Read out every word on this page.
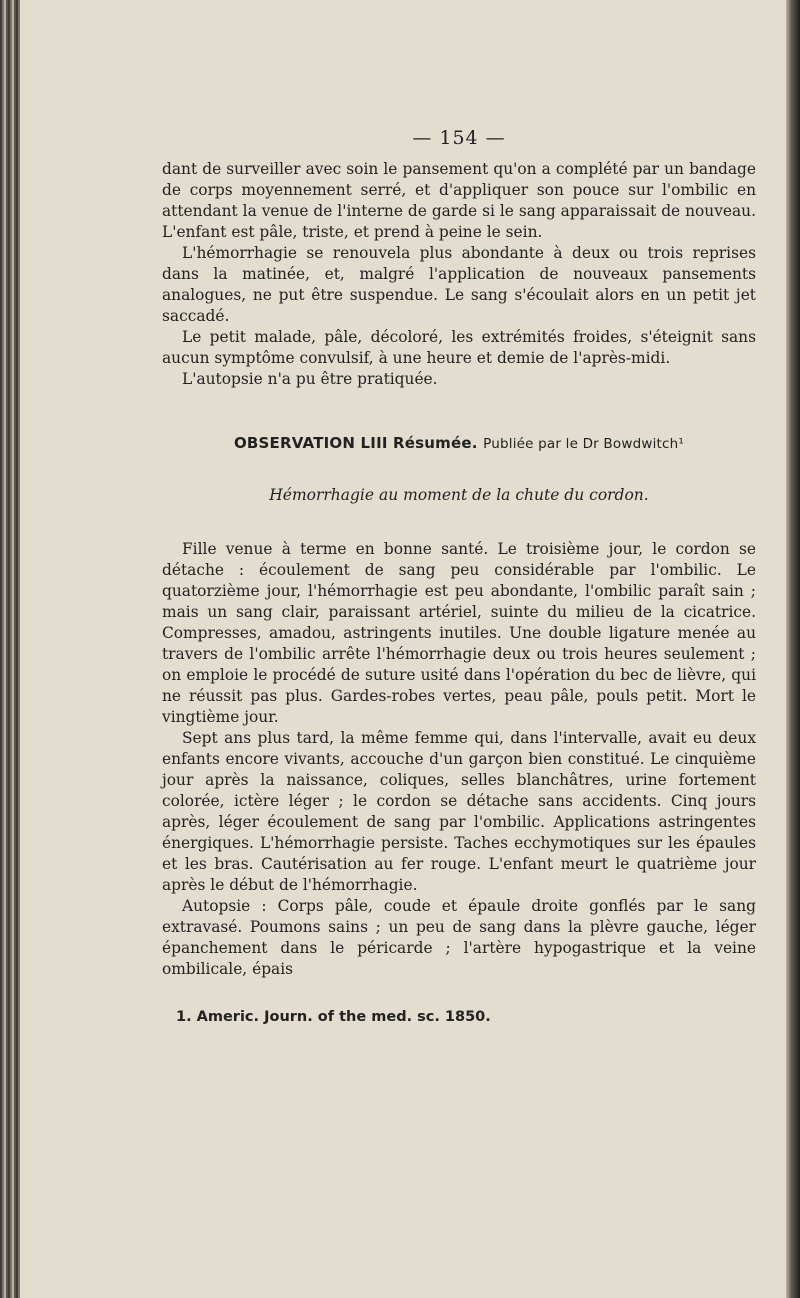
— 154 —

dant de surveiller avec soin le pansement qu'on a complété par un bandage de corps moyennement serré, et d'appliquer son pouce sur l'ombilic en attendant la venue de l'interne de garde si le sang apparaissait de nouveau. L'enfant est pâle, triste, et prend à peine le sein.

L'hémorrhagie se renouvela plus abondante à deux ou trois reprises dans la matinée, et, malgré l'application de nouveaux pansements analogues, ne put être suspendue. Le sang s'écoulait alors en un petit jet saccadé.

Le petit malade, pâle, décoloré, les extrémités froides, s'éteignit sans aucun symptôme convulsif, à une heure et demie de l'après-midi.

L'autopsie n'a pu être pratiquée.

OBSERVATION LIII Résumée. Publiée par le Dr Bowdwitch¹
Hémorrhagie au moment de la chute du cordon.

Fille venue à terme en bonne santé. Le troisième jour, le cordon se détache : écoulement de sang peu considérable par l'ombilic. Le quatorzième jour, l'hémorrhagie est peu abondante, l'ombilic paraît sain ; mais un sang clair, paraissant artériel, suinte du milieu de la cicatrice. Compresses, amadou, astringents inutiles. Une double ligature menée au travers de l'ombilic arrête l'hémorrhagie deux ou trois heures seulement ; on emploie le procédé de suture usité dans l'opération du bec de lièvre, qui ne réussit pas plus. Gardes-robes vertes, peau pâle, pouls petit. Mort le vingtième jour.

Sept ans plus tard, la même femme qui, dans l'intervalle, avait eu deux enfants encore vivants, accouche d'un garçon bien constitué. Le cinquième jour après la naissance, coliques, selles blanchâtres, urine fortement colorée, ictère léger ; le cordon se détache sans accidents. Cinq jours après, léger écoulement de sang par l'ombilic. Applications astringentes énergiques. L'hémorrhagie persiste. Taches ecchymotiques sur les épaules et les bras. Cautérisation au fer rouge. L'enfant meurt le quatrième jour après le début de l'hémorrhagie.

Autopsie : Corps pâle, coude et épaule droite gonflés par le sang extravasé. Poumons sains ; un peu de sang dans la plèvre gauche, léger épanchement dans le péricarde ; l'artère hypogastrique et la veine ombilicale, épais

1. Americ. Journ. of the med. sc. 1850.
